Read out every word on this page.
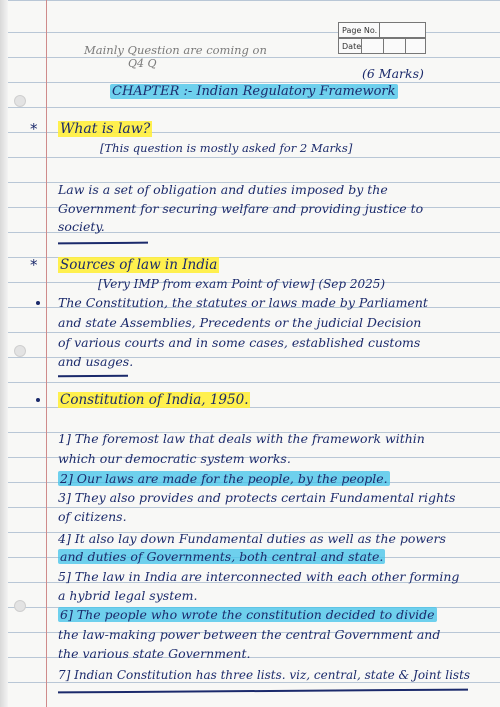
Page No.
Date
Mainly Question are coming on
Q4 Q
CHAPTER :- Indian Regulatory Framework
(6 Marks)
* What is law?
[This question is mostly asked for 2 Marks]
Law is a set of obligation and duties imposed by the
Government for securing welfare and providing justice to
society.
* Sources of law in India
[Very IMP from exam Point of view] (Sep 2025)
The Constitution, the statutes or laws made by Parliament
and state Assemblies, Precedents or the judicial Decision
of various courts and in some cases, established customs
and usages.
Constitution of India, 1950.
1] The foremost law that deals with the framework within
which our democratic system works.
2] Our laws are made for the people, by the people.
3] They also provides and protects certain Fundamental rights
of citizens.
4] It also lay down Fundamental duties as well as the powers
and duties of Governments, both central and state.
5] The law in India are interconnected with each other forming
a hybrid legal system.
6] The people who wrote the constitution decided to divide
the law-making power between the central Government and
the various state Government.
7] Indian Constitution has three lists. viz, central, state & Joint lists
